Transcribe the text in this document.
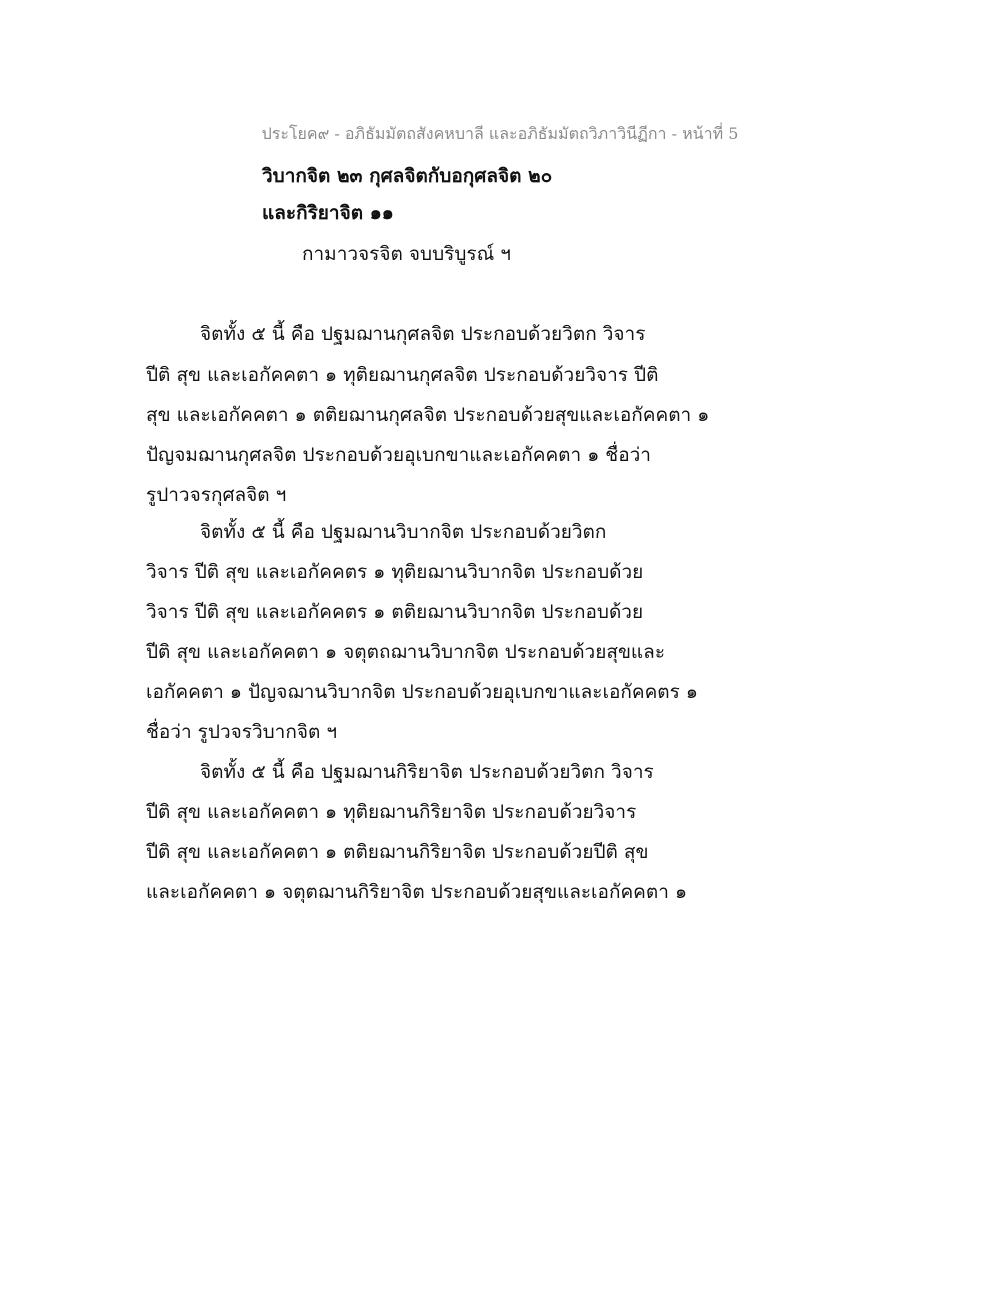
ประโยค๙ - อภิธัมมัตถสังคหบาลี และอภิธัมมัตถวิภาวินีฏีกา - หน้าที่ 5
วิบากจิต ๒๓ กุศลจิตกับอกุศลจิต ๒๐
และกิริยาจิต ๑๑
กามาวจรจิต จบบริบูรณ์ ฯ
จิตทั้ง ๕ นี้ คือ ปฐมฌานกุศลจิต ประกอบด้วยวิตก วิจาร
ปีติ สุข และเอกัคคตา ๑ ทุติยฌานกุศลจิต ประกอบด้วยวิจาร ปีติ
สุข และเอกัคคตา ๑ ตติยฌานกุศลจิต ประกอบด้วยสุขและเอกัคคตา ๑
ปัญจมฌานกุศลจิต ประกอบด้วยอุเบกขาและเอกัคคตา ๑ ชื่อว่า
รูปาวจรกุศลจิต ฯ
จิตทั้ง ๕ นี้ คือ ปฐมฌานวิบากจิต ประกอบด้วยวิตก
วิจาร ปีติ สุข และเอกัคคตร ๑ ทุติยฌานวิบากจิต ประกอบด้วย
วิจาร ปีติ สุข และเอกัคคตร ๑ ตติยฌานวิบากจิต ประกอบด้วย
ปีติ สุข และเอกัคคตา ๑ จตุตถฌานวิบากจิต ประกอบด้วยสุขและ
เอกัคคตา ๑ ปัญจฌานวิบากจิต ประกอบด้วยอุเบกขาและเอกัคคตร ๑
ชื่อว่า รูปวจรวิบากจิต ฯ
จิตทั้ง ๕ นี้ คือ ปฐมฌานกิริยาจิต ประกอบด้วยวิตก วิจาร
ปีติ สุข และเอกัคคตา ๑ ทุติยฌานกิริยาจิต ประกอบด้วยวิจาร
ปีติ สุข และเอกัคคตา ๑ ตติยฌานกิริยาจิต ประกอบด้วยปีติ สุข
และเอกัคคตา ๑ จตุตฌานกิริยาจิต ประกอบด้วยสุขและเอกัคคตา ๑
